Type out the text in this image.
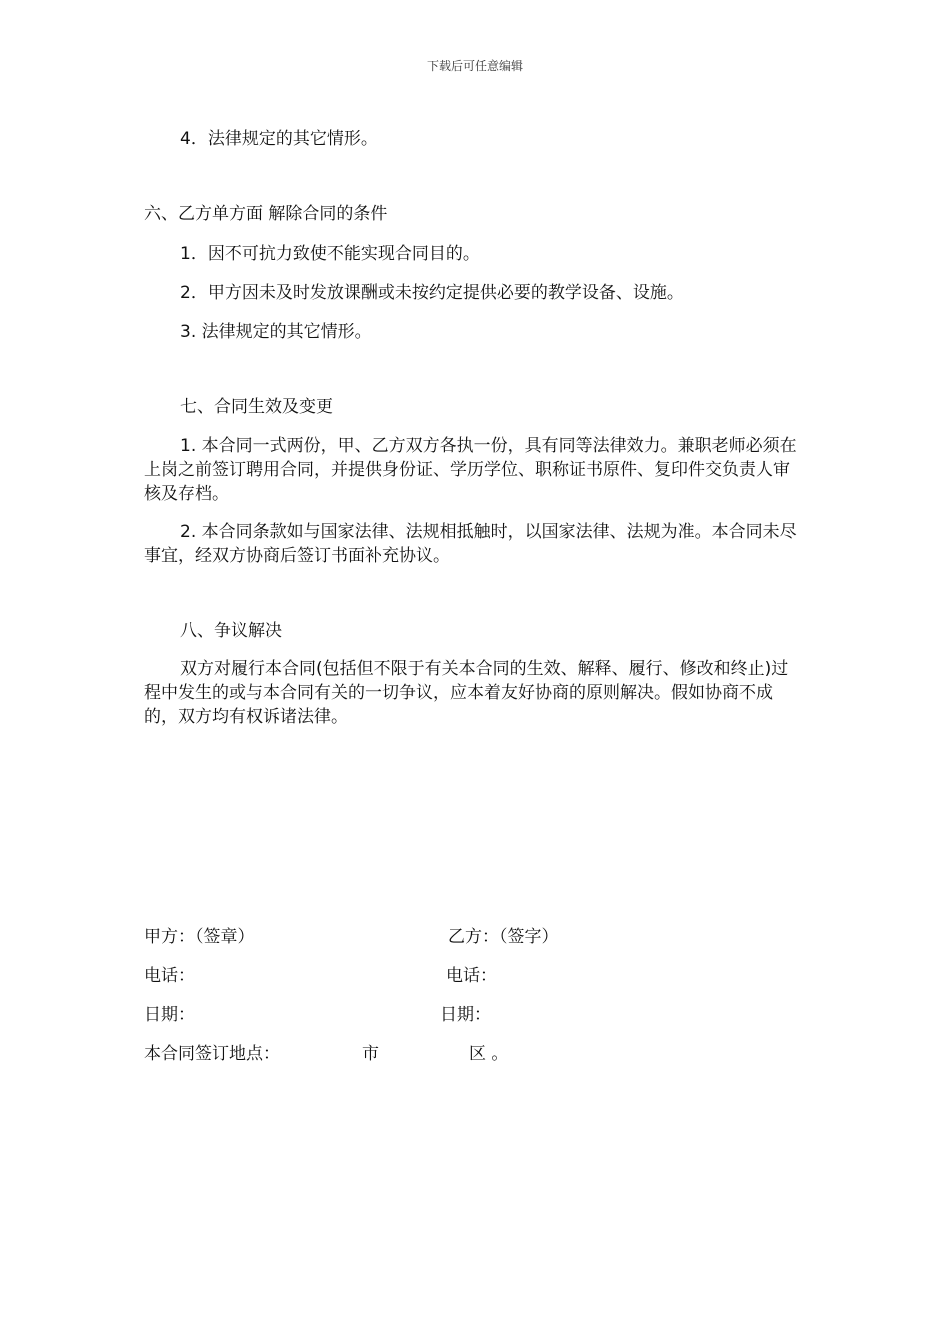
下载后可任意编辑
4．法律规定的其它情形。
六、乙方单方面 解除合同的条件
1．因不可抗力致使不能实现合同目的。
2．甲方因未及时发放课酬或未按约定提供必要的教学设备、设施。
3. 法律规定的其它情形。
七、合同生效及变更
1. 本合同一式两份，甲、乙方双方各执一份，具有同等法律效力。兼职老师必须在上岗之前签订聘用合同，并提供身份证、学历学位、职称证书原件、复印件交负责人审核及存档。
2. 本合同条款如与国家法律、法规相抵触时，以国家法律、法规为准。本合同未尽事宜，经双方协商后签订书面补充协议。
八、争议解决
双方对履行本合同(包括但不限于有关本合同的生效、解释、履行、修改和终止)过程中发生的或与本合同有关的一切争议，应本着友好协商的原则解决。假如协商不成的，双方均有权诉诸法律。
甲方：（签章）	乙方：（签字）
电话：	电话：
日期：	日期：
本合同签订地点：	市	区 。
